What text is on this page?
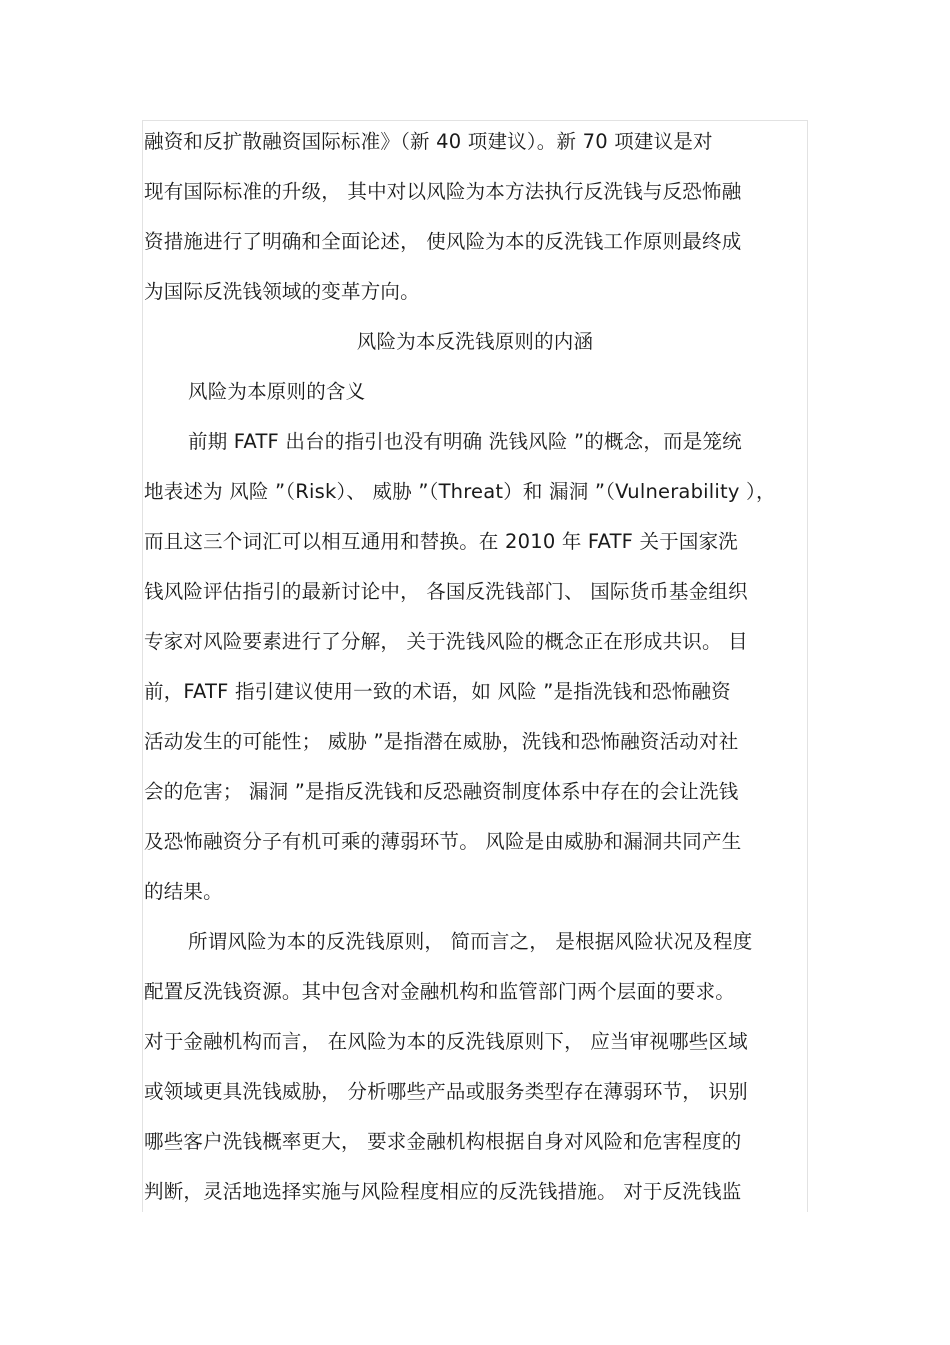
融资和反扩散融资国际标准》（新 40 项建议）。新 70 项建议是对
现有国际标准的升级， 其中对以风险为本方法执行反洗钱与反恐怖融
资措施进行了明确和全面论述， 使风险为本的反洗钱工作原则最终成
为国际反洗钱领域的变革方向。
风险为本反洗钱原则的内涵
风险为本原则的含义
前期 FATF 出台的指引也没有明确 洗钱风险 ”的概念，而是笼统
地表述为 风险 ”（Risk）、 威胁 ”（Threat）和 漏洞 ”（Vulnerability ），
而且这三个词汇可以相互通用和替换。在 2010 年 FATF 关于国家洗
钱风险评估指引的最新讨论中， 各国反洗钱部门、 国际货币基金组织
专家对风险要素进行了分解， 关于洗钱风险的概念正在形成共识。 目
前，FATF 指引建议使用一致的术语，如 风险 ”是指洗钱和恐怖融资
活动发生的可能性； 威胁 ”是指潜在威胁，洗钱和恐怖融资活动对社
会的危害； 漏洞 ”是指反洗钱和反恐融资制度体系中存在的会让洗钱
及恐怖融资分子有机可乘的薄弱环节。 风险是由威胁和漏洞共同产生
的结果。
所谓风险为本的反洗钱原则， 简而言之， 是根据风险状况及程度
配置反洗钱资源。其中包含对金融机构和监管部门两个层面的要求。
对于金融机构而言， 在风险为本的反洗钱原则下， 应当审视哪些区域
或领域更具洗钱威胁， 分析哪些产品或服务类型存在薄弱环节， 识别
哪些客户洗钱概率更大， 要求金融机构根据自身对风险和危害程度的
判断，灵活地选择实施与风险程度相应的反洗钱措施。 对于反洗钱监
